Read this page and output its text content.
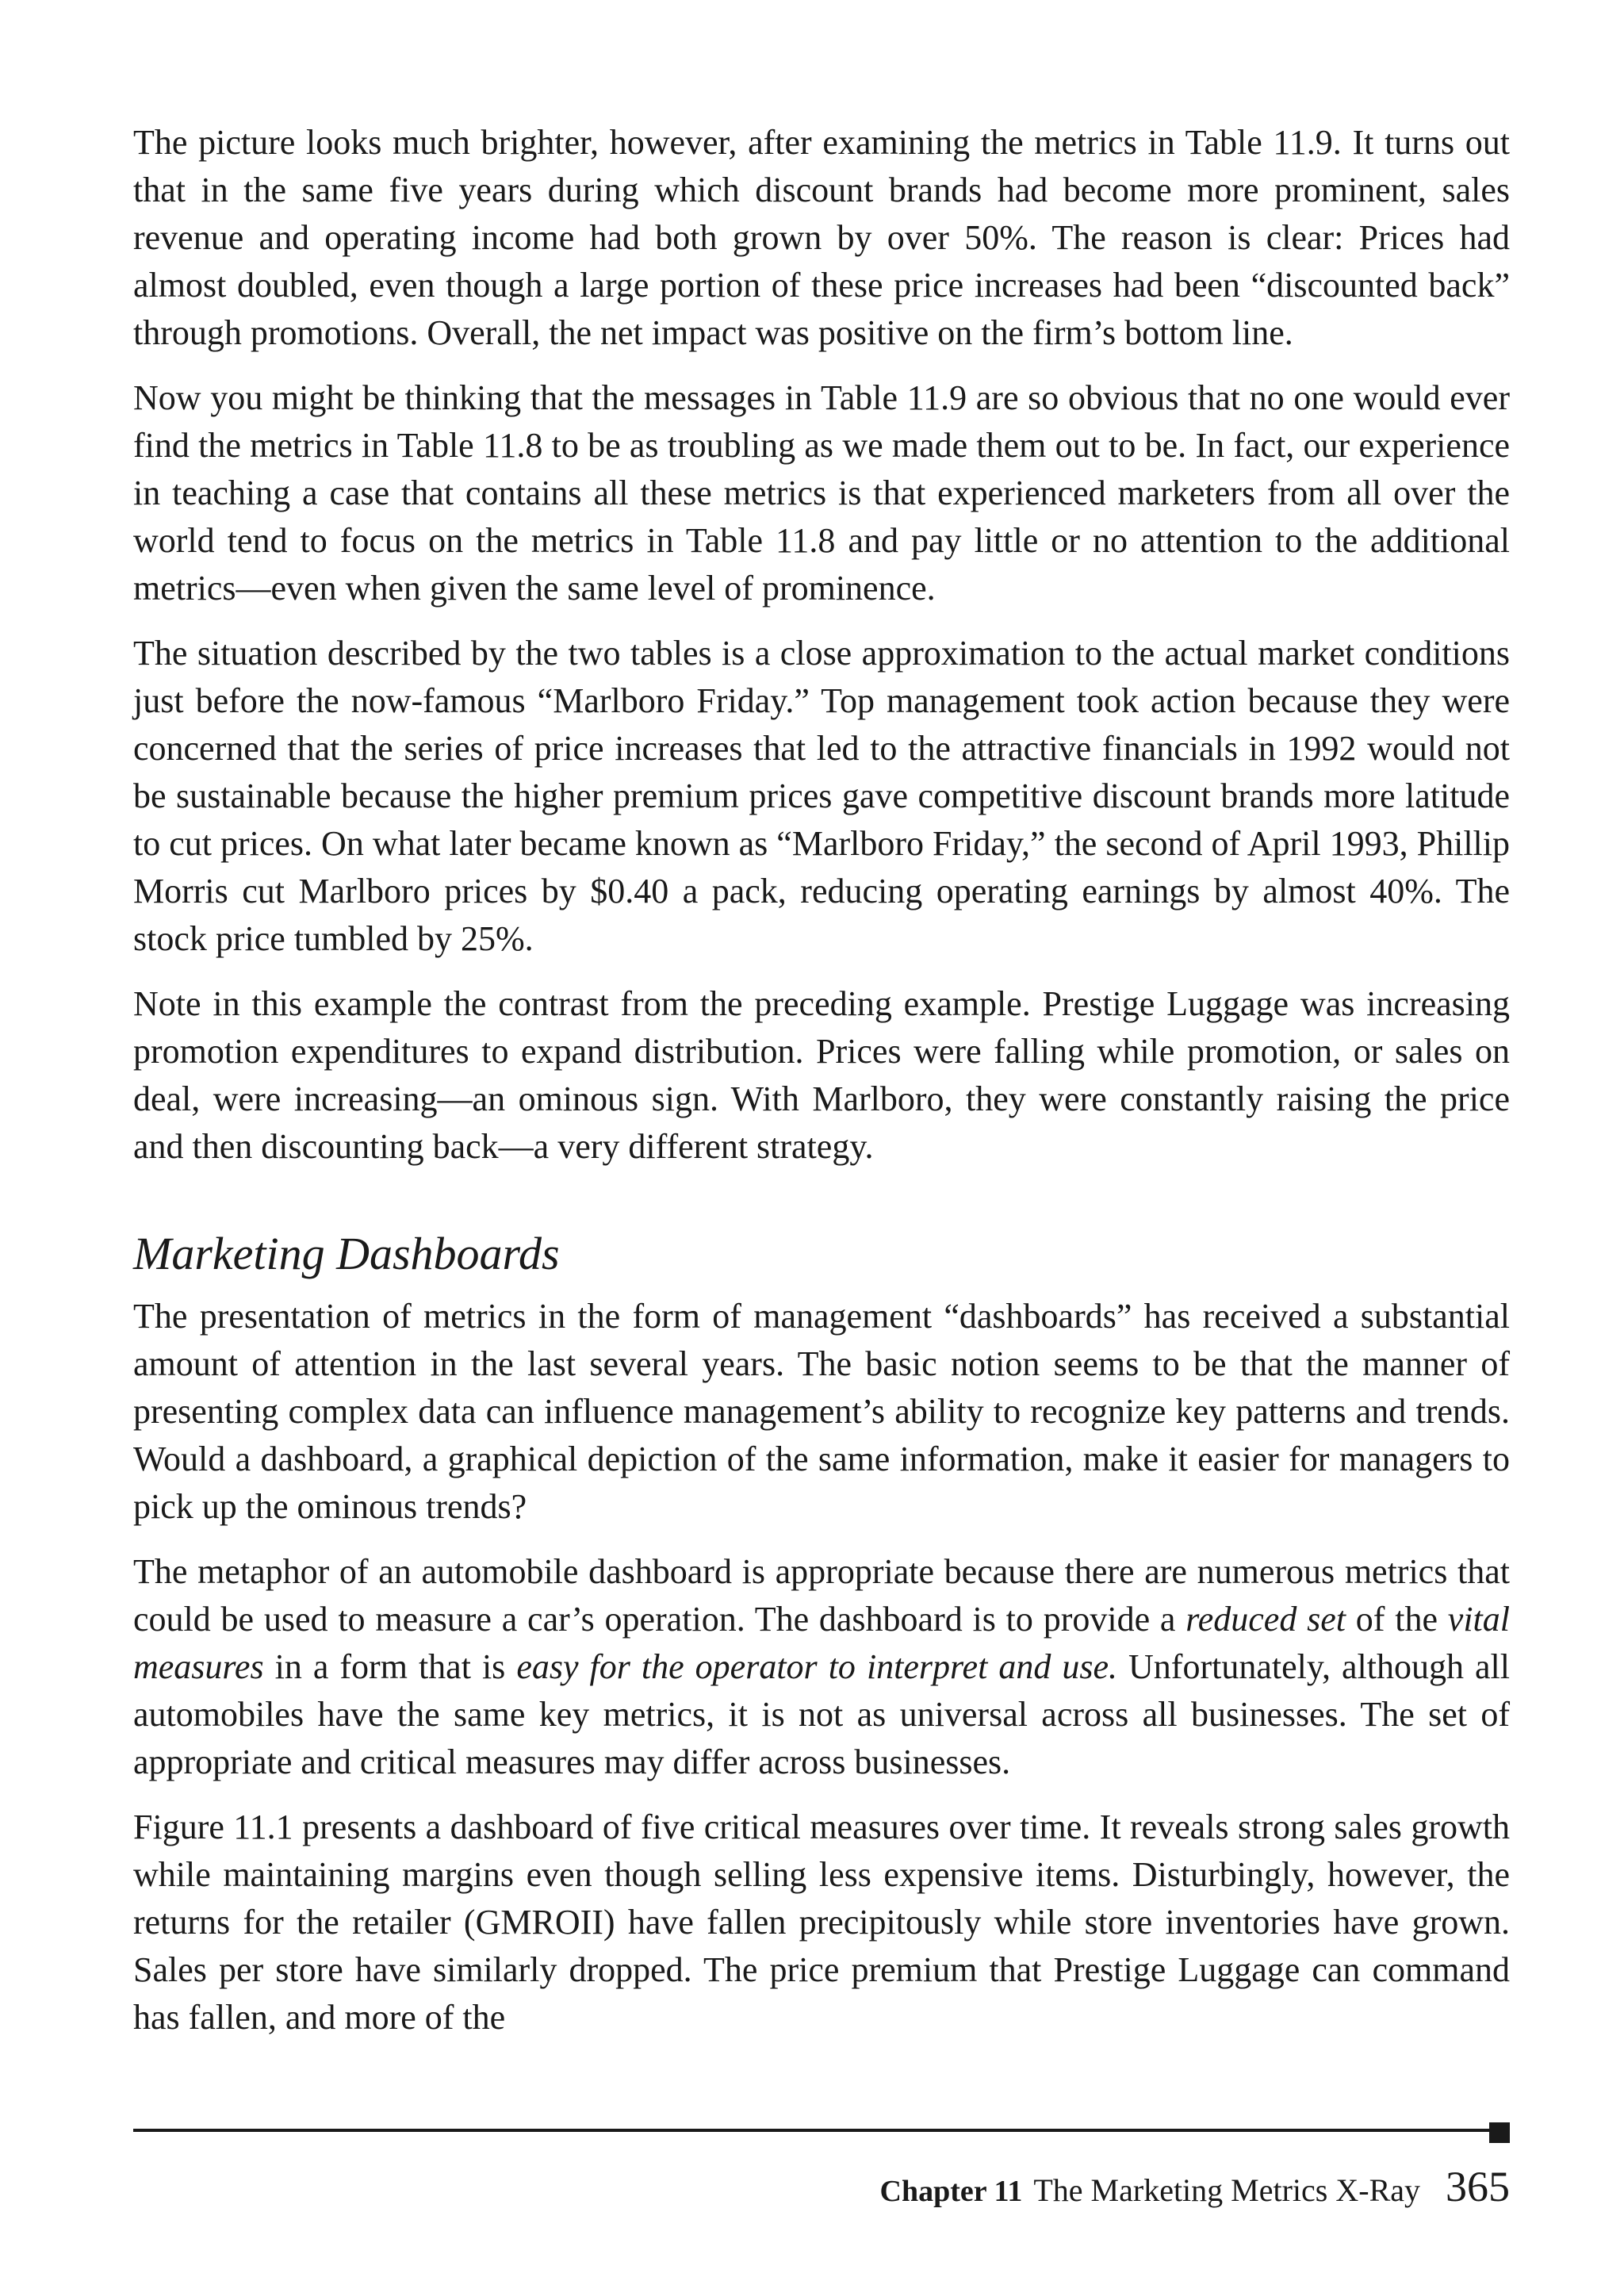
The picture looks much brighter, however, after examining the metrics in Table 11.9. It turns out that in the same five years during which discount brands had become more prominent, sales revenue and operating income had both grown by over 50%. The reason is clear: Prices had almost doubled, even though a large portion of these price increases had been “discounted back” through promotions. Overall, the net impact was positive on the firm’s bottom line.

Now you might be thinking that the messages in Table 11.9 are so obvious that no one would ever find the metrics in Table 11.8 to be as troubling as we made them out to be. In fact, our experience in teaching a case that contains all these metrics is that experienced marketers from all over the world tend to focus on the metrics in Table 11.8 and pay little or no attention to the additional metrics—even when given the same level of prominence.

The situation described by the two tables is a close approximation to the actual market conditions just before the now-famous “Marlboro Friday.” Top management took action because they were concerned that the series of price increases that led to the attractive financials in 1992 would not be sustainable because the higher premium prices gave competitive discount brands more latitude to cut prices. On what later became known as “Marlboro Friday,” the second of April 1993, Phillip Morris cut Marlboro prices by $0.40 a pack, reducing operating earnings by almost 40%. The stock price tumbled by 25%.

Note in this example the contrast from the preceding example. Prestige Luggage was increasing promotion expenditures to expand distribution. Prices were falling while promotion, or sales on deal, were increasing—an ominous sign. With Marlboro, they were constantly raising the price and then discounting back—a very different strategy.

Marketing Dashboards

The presentation of metrics in the form of management “dashboards” has received a substantial amount of attention in the last several years. The basic notion seems to be that the manner of presenting complex data can influence management’s ability to recognize key patterns and trends. Would a dashboard, a graphical depiction of the same information, make it easier for managers to pick up the ominous trends?

The metaphor of an automobile dashboard is appropriate because there are numerous metrics that could be used to measure a car’s operation. The dashboard is to provide a reduced set of the vital measures in a form that is easy for the operator to interpret and use. Unfortunately, although all automobiles have the same key metrics, it is not as universal across all businesses. The set of appropriate and critical measures may differ across businesses.

Figure 11.1 presents a dashboard of five critical measures over time. It reveals strong sales growth while maintaining margins even though selling less expensive items. Disturbingly, however, the returns for the retailer (GMROII) have fallen precipitously while store inventories have grown. Sales per store have similarly dropped. The price premium that Prestige Luggage can command has fallen, and more of the

Chapter 11 The Marketing Metrics X-Ray 365
